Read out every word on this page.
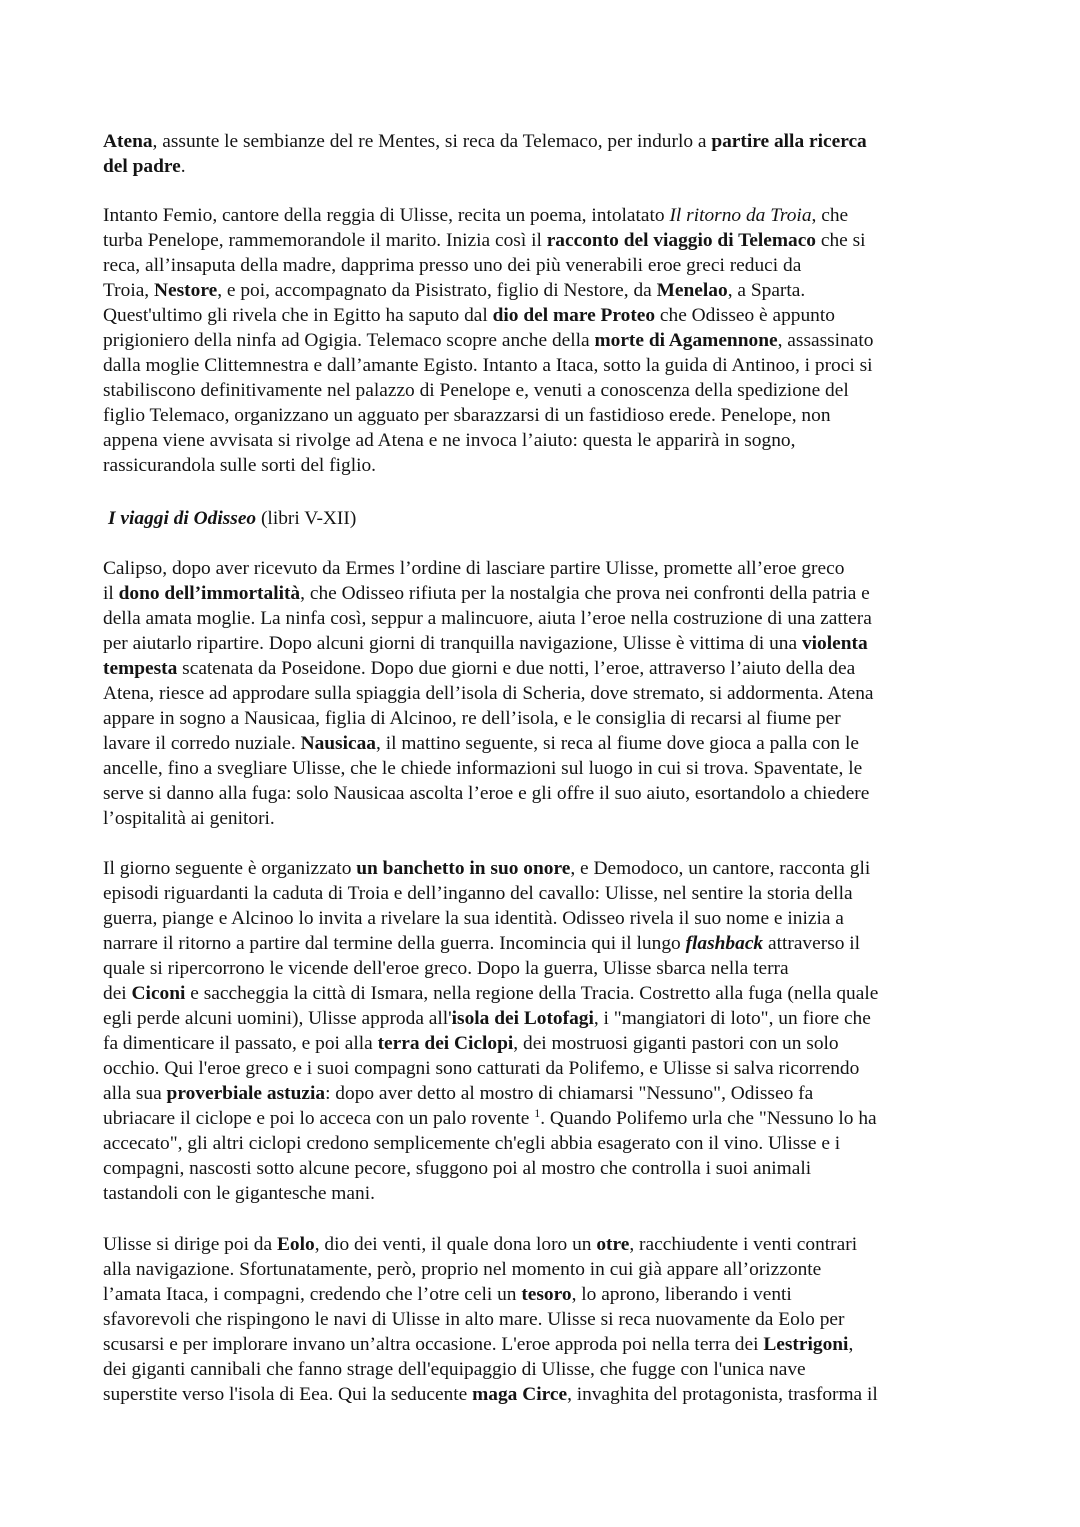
Atena, assunte le sembianze del re Mentes, si reca da Telemaco, per indurlo a partire alla ricerca
del padre.

Intanto Femio, cantore della reggia di Ulisse, recita un poema, intolatato Il ritorno da Troia, che
turba Penelope, rammemorandole il marito. Inizia così il racconto del viaggio di Telemaco che si
reca, all’insaputa della madre, dapprima presso uno dei più venerabili eroe greci reduci da
Troia, Nestore, e poi, accompagnato da Pisistrato, figlio di Nestore, da Menelao, a Sparta.
Quest'ultimo gli rivela che in Egitto ha saputo dal dio del mare Proteo che Odisseo è appunto
prigioniero della ninfa ad Ogigia. Telemaco scopre anche della morte di Agamennone, assassinato
dalla moglie Clittemnestra e dall’amante Egisto. Intanto a Itaca, sotto la guida di Antinoo, i proci si
stabiliscono definitivamente nel palazzo di Penelope e, venuti a conoscenza della spedizione del
figlio Telemaco, organizzano un agguato per sbarazzarsi di un fastidioso erede. Penelope, non
appena viene avvisata si rivolge ad Atena e ne invoca l’aiuto: questa le apparirà in sogno,
rassicurandola sulle sorti del figlio.

I viaggi di Odisseo (libri V-XII)

Calipso, dopo aver ricevuto da Ermes l’ordine di lasciare partire Ulisse, promette all’eroe greco
il dono dell’immortalità, che Odisseo rifiuta per la nostalgia che prova nei confronti della patria e
della amata moglie. La ninfa così, seppur a malincuore, aiuta l’eroe nella costruzione di una zattera
per aiutarlo ripartire. Dopo alcuni giorni di tranquilla navigazione, Ulisse è vittima di una violenta
tempesta scatenata da Poseidone. Dopo due giorni e due notti, l’eroe, attraverso l’aiuto della dea
Atena, riesce ad approdare sulla spiaggia dell’isola di Scheria, dove stremato, si addormenta. Atena
appare in sogno a Nausicaa, figlia di Alcinoo, re dell’isola, e le consiglia di recarsi al fiume per
lavare il corredo nuziale. Nausicaa, il mattino seguente, si reca al fiume dove gioca a palla con le
ancelle, fino a svegliare Ulisse, che le chiede informazioni sul luogo in cui si trova. Spaventate, le
serve si danno alla fuga: solo Nausicaa ascolta l’eroe e gli offre il suo aiuto, esortandolo a chiedere
l’ospitalità ai genitori.

Il giorno seguente è organizzato un banchetto in suo onore, e Demodoco, un cantore, racconta gli
episodi riguardanti la caduta di Troia e dell’inganno del cavallo: Ulisse, nel sentire la storia della
guerra, piange e Alcinoo lo invita a rivelare la sua identità. Odisseo rivela il suo nome e inizia a
narrare il ritorno a partire dal termine della guerra. Incomincia qui il lungo flashback attraverso il
quale si ripercorrono le vicende dell'eroe greco. Dopo la guerra, Ulisse sbarca nella terra
dei Ciconi e saccheggia la città di Ismara, nella regione della Tracia. Costretto alla fuga (nella quale
egli perde alcuni uomini), Ulisse approda all'isola dei Lotofagi, i "mangiatori di loto", un fiore che
fa dimenticare il passato, e poi alla terra dei Ciclopi, dei mostruosi giganti pastori con un solo
occhio. Qui l'eroe greco e i suoi compagni sono catturati da Polifemo, e Ulisse si salva ricorrendo
alla sua proverbiale astuzia: dopo aver detto al mostro di chiamarsi "Nessuno", Odisseo fa
ubriacare il ciclope e poi lo acceca con un palo rovente $^1$. Quando Polifemo urla che "Nessuno lo ha
accecato", gli altri ciclopi credono semplicemente ch'egli abbia esagerato con il vino. Ulisse e i
compagni, nascosti sotto alcune pecore, sfuggono poi al mostro che controlla i suoi animali
tastandoli con le gigantesche mani.

Ulisse si dirige poi da Eolo, dio dei venti, il quale dona loro un otre, racchiudente i venti contrari
alla navigazione. Sfortunatamente, però, proprio nel momento in cui già appare all’orizzonte
l’amata Itaca, i compagni, credendo che l’otre celi un tesoro, lo aprono, liberando i venti
sfavorevoli che rispingono le navi di Ulisse in alto mare. Ulisse si reca nuovamente da Eolo per
scusarsi e per implorare invano un’altra occasione. L'eroe approda poi nella terra dei Lestrigoni,
dei giganti cannibali che fanno strage dell'equipaggio di Ulisse, che fugge con l'unica nave
superstite verso l'isola di Eea. Qui la seducente maga Circe, invaghita del protagonista, trasforma il
